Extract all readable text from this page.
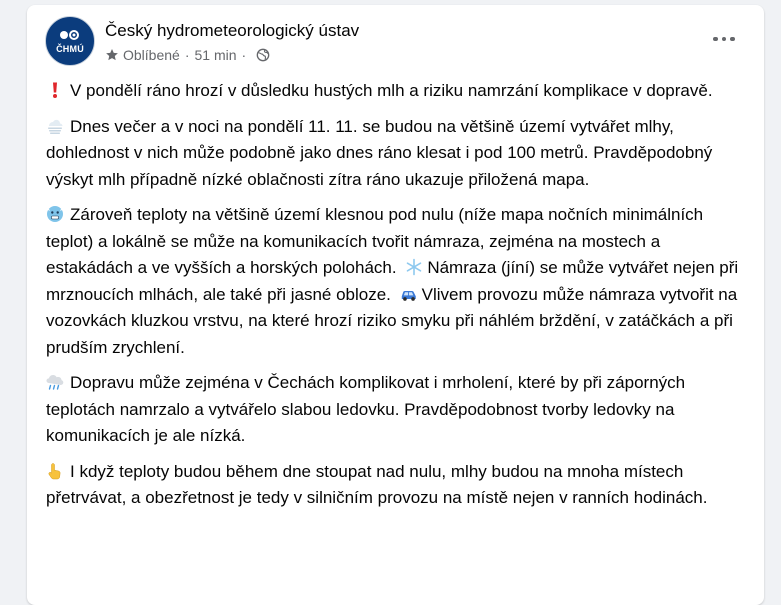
ČHMÚ
Český hydrometeorologický ústav
Oblíbené · 51 min ·

V pondělí ráno hrozí v důsledku hustých mlh a riziku namrzání komplikace v dopravě.

Dnes večer a v noci na pondělí 11. 11. se budou na většině území vytvářet mlhy, dohlednost v nich může podobně jako dnes ráno klesat i pod 100 metrů. Pravděpodobný výskyt mlh případně nízké oblačnosti zítra ráno ukazuje přiložená mapa.

Zároveň teploty na většině území klesnou pod nulu (níže mapa nočních minimálních teplot) a lokálně se může na komunikacích tvořit námraza, zejména na mostech a estakádách a ve vyšších a horských polohách. Námraza (jíní) se může vytvářet nejen při mrznoucích mlhách, ale také při jasné obloze. Vlivem provozu může námraza vytvořit na vozovkách kluzkou vrstvu, na které hrozí riziko smyku při náhlém brždění, v zatáčkách a při prudším zrychlení.

Dopravu může zejména v Čechách komplikovat i mrholení, které by při záporných teplotách namrzalo a vytvářelo slabou ledovku. Pravděpodobnost tvorby ledovky na komunikacích je ale nízká.

I když teploty budou během dne stoupat nad nulu, mlhy budou na mnoha místech přetrvávat, a obezřetnost je tedy v silničním provozu na místě nejen v ranních hodinách.
